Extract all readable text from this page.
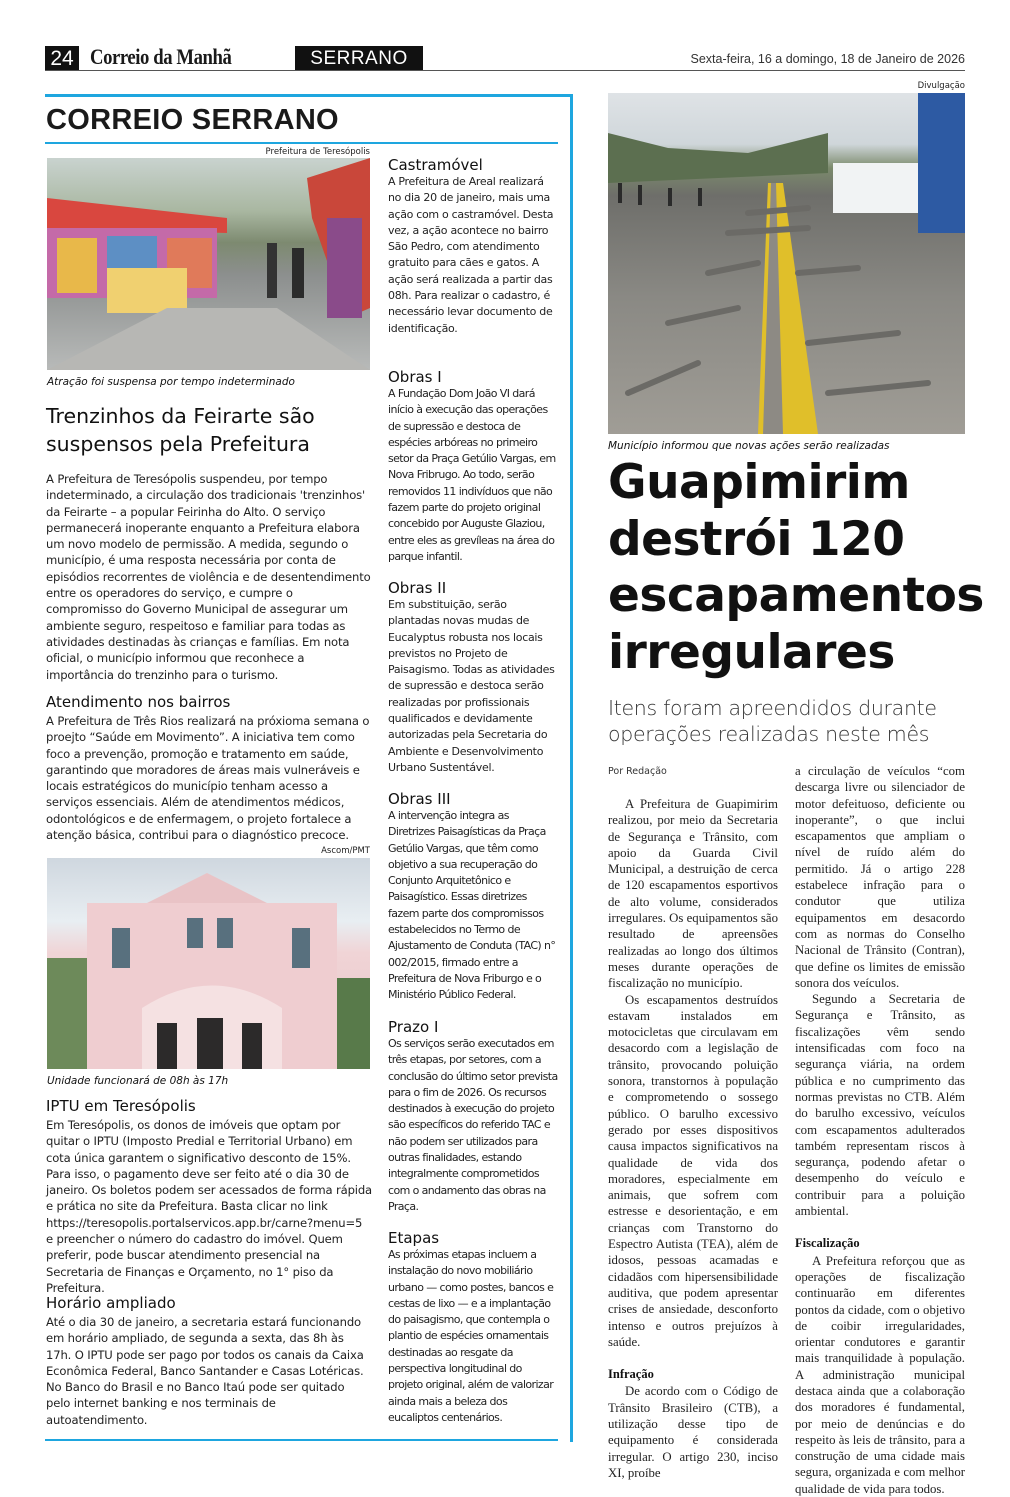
24 Correio da Manhã	SERRANO	Sexta-feira, 16 a domingo, 18 de Janeiro de 2026
CORREIO SERRANO
Prefeitura de Teresópolis
Atração foi suspensa por tempo indeterminado
Trenzinhos da Feirarte são suspensos pela Prefeitura
A Prefeitura de Teresópolis suspendeu, por tempo indeterminado, a circulação dos tradicionais 'trenzinhos' da Feirarte – a popular Feirinha do Alto. O serviço permanecerá inoperante enquanto a Prefeitura elabora um novo modelo de permissão. A medida, segundo o município, é uma resposta necessária por conta de episódios recorrentes de violência e de desentendimento entre os operadores do serviço, e cumpre o compromisso do Governo Municipal de assegurar um ambiente seguro, respeitoso e familiar para todas as atividades destinadas às crianças e famílias. Em nota oficial, o município informou que reconhece a importância do trenzinho para o turismo.
Atendimento nos bairros
A Prefeitura de Três Rios realizará na próxioma semana o proejto “Saúde em Movimento”. A iniciativa tem como foco a prevenção, promoção e tratamento em saúde, garantindo que moradores de áreas mais vulneráveis e locais estratégicos do município tenham acesso a serviços essenciais. Além de atendimentos médicos, odontológicos e de enfermagem, o projeto fortalece a atenção básica, contribui para o diagnóstico precoce.
Ascom/PMT
Unidade funcionará de 08h às 17h
IPTU em Teresópolis
Em Teresópolis, os donos de imóveis que optam por quitar o IPTU (Imposto Predial e Territorial Urbano) em cota única garantem o significativo desconto de 15%. Para isso, o pagamento deve ser feito até o dia 30 de janeiro. Os boletos podem ser acessados de forma rápida e prática no site da Prefeitura. Basta clicar no link https://teresopolis.portalservicos.app.br/carne?menu=5 e preencher o número do cadastro do imóvel. Quem preferir, pode buscar atendimento presencial na Secretaria de Finanças e Orçamento, no 1° piso da Prefeitura.
Horário ampliado
Até o dia 30 de janeiro, a secretaria estará funcionando em horário ampliado, de segunda a sexta, das 8h às 17h. O IPTU pode ser pago por todos os canais da Caixa Econômica Federal, Banco Santander e Casas Lotéricas. No Banco do Brasil e no Banco Itaú pode ser quitado pelo internet banking e nos terminais de autoatendimento.
Castramóvel
A Prefeitura de Areal realizará no dia 20 de janeiro, mais uma ação com o castramóvel. Desta vez, a ação acontece no bairro São Pedro, com atendimento gratuito para cães e gatos. A ação será realizada a partir das 08h. Para realizar o cadastro, é necessário levar documento de identificação.
Obras I
A Fundação Dom João VI dará início à execução das operações de supressão e destoca de espécies arbóreas no primeiro setor da Praça Getúlio Vargas, em Nova Fribrugo. Ao todo, serão removidos 11 indivíduos que não fazem parte do projeto original concebido por Auguste Glaziou, entre eles as grevíleas na área do parque infantil.
Obras II
Em substituição, serão plantadas novas mudas de Eucalyptus robusta nos locais previstos no Projeto de Paisagismo. Todas as atividades de supressão e destoca serão realizadas por profissionais qualificados e devidamente autorizadas pela Secretaria do Ambiente e Desenvolvimento Urbano Sustentável.
Obras III
A intervenção integra as Diretrizes Paisagísticas da Praça Getúlio Vargas, que têm como objetivo a sua recuperação do Conjunto Arquitetônico e Paisagístico. Essas diretrizes fazem parte dos compromissos estabelecidos no Termo de Ajustamento de Conduta (TAC) n° 002/2015, firmado entre a Prefeitura de Nova Friburgo e o Ministério Público Federal.
Prazo I
Os serviços serão executados em três etapas, por setores, com a conclusão do último setor prevista para o fim de 2026. Os recursos destinados à execução do projeto são específicos do referido TAC e não podem ser utilizados para outras finalidades, estando integralmente comprometidos com o andamento das obras na Praça.
Etapas
As próximas etapas incluem a instalação do novo mobiliário urbano — como postes, bancos e cestas de lixo — e a implantação do paisagismo, que contempla o plantio de espécies ornamentais destinadas ao resgate da perspectiva longitudinal do projeto original, além de valorizar ainda mais a beleza dos eucaliptos centenários.
Divulgação
Município informou que novas ações serão realizadas
Guapimirim destrói 120 escapamentos irregulares
Itens foram apreendidos durante operações realizadas neste mês
Por Redação

A Prefeitura de Guapimirim realizou, por meio da Secretaria de Segurança e Trânsito, com apoio da Guarda Civil Municipal, a destruição de cerca de 120 escapamentos esportivos de alto volume, considerados irregulares. Os equipamentos são resultado de apreensões realizadas ao longo dos últimos meses durante operações de fiscalização no município.

Os escapamentos destruídos estavam instalados em motocicletas que circulavam em desacordo com a legislação de trânsito, provocando poluição sonora, transtornos à população e comprometendo o sossego público. O barulho excessivo gerado por esses dispositivos causa impactos significativos na qualidade de vida dos moradores, especialmente em animais, que sofrem com estresse e desorientação, e em crianças com Transtorno do Espectro Autista (TEA), além de idosos, pessoas acamadas e cidadãos com hipersensibilidade auditiva, que podem apresentar crises de ansiedade, desconforto intenso e outros prejuízos à saúde.

Infração

De acordo com o Código de Trânsito Brasileiro (CTB), a utilização desse tipo de equipamento é considerada irregular. O artigo 230, inciso XI, proíbe

a circulação de veículos “com descarga livre ou silenciador de motor defeituoso, deficiente ou inoperante”, o que inclui escapamentos que ampliam o nível de ruído além do permitido. Já o artigo 228 estabelece infração para o condutor que utiliza equipamentos em desacordo com as normas do Conselho Nacional de Trânsito (Contran), que define os limites de emissão sonora dos veículos.

Segundo a Secretaria de Segurança e Trânsito, as fiscalizações vêm sendo intensificadas com foco na segurança viária, na ordem pública e no cumprimento das normas previstas no CTB. Além do barulho excessivo, veículos com escapamentos adulterados também representam riscos à segurança, podendo afetar o desempenho do veículo e contribuir para a poluição ambiental.

Fiscalização

A Prefeitura reforçou que as operações de fiscalização continuarão em diferentes pontos da cidade, com o objetivo de coibir irregularidades, orientar condutores e garantir mais tranquilidade à população. A administração municipal destaca ainda que a colaboração dos moradores é fundamental, por meio de denúncias e do respeito às leis de trânsito, para a construção de uma cidade mais segura, organizada e com melhor qualidade de vida para todos.
